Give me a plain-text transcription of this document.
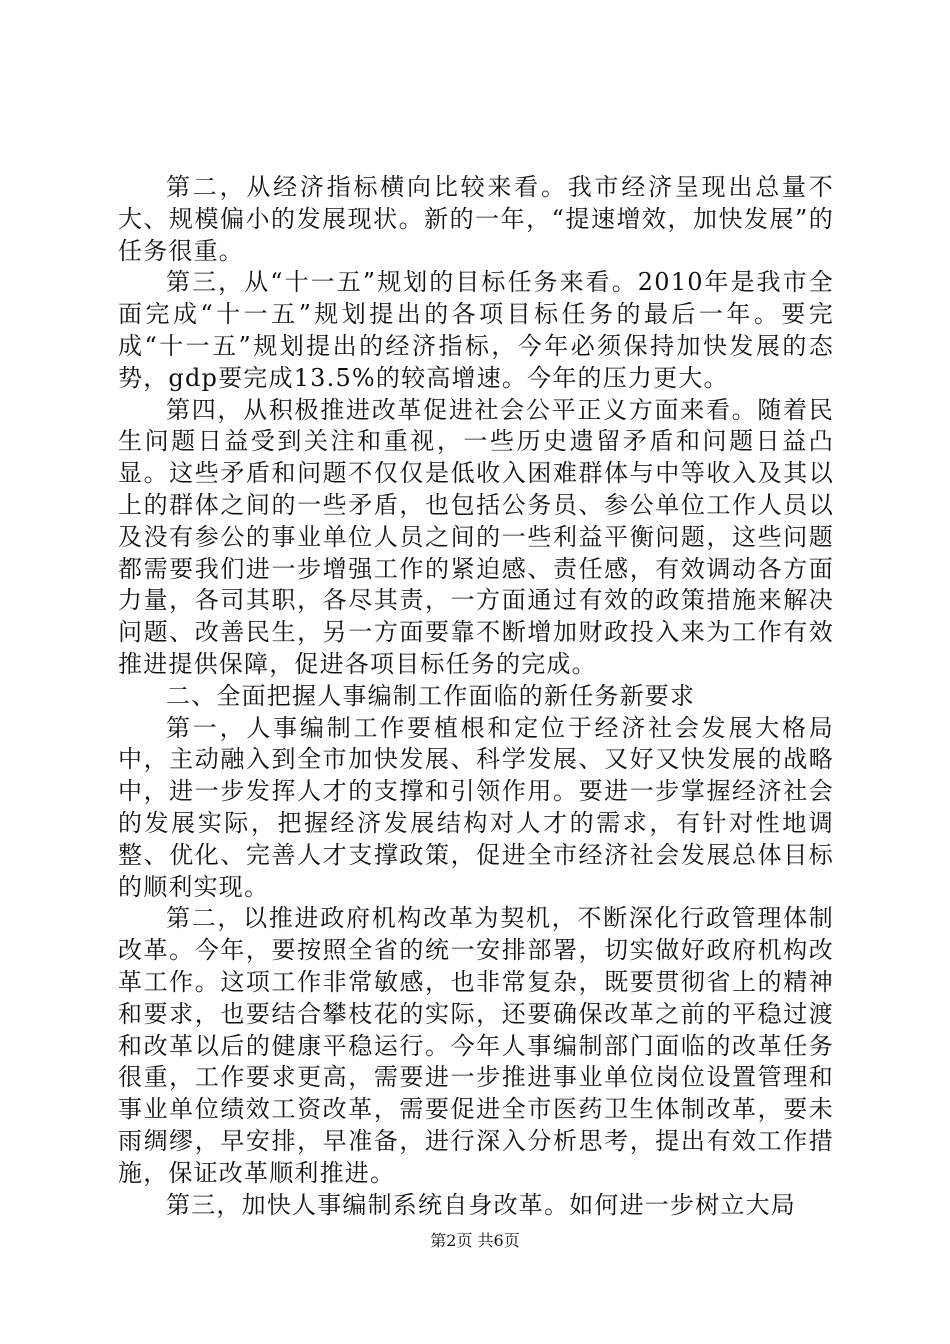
第二，从经济指标横向比较来看。我市经济呈现出总量不大、规模偏小的发展现状。新的一年，“提速增效，加快发展”的任务很重。

第三，从“十一五”规划的目标任务来看。2010年是我市全面完成“十一五”规划提出的各项目标任务的最后一年。要完成“十一五”规划提出的经济指标，今年必须保持加快发展的态势，gdp要完成13.5%的较高增速。今年的压力更大。

第四，从积极推进改革促进社会公平正义方面来看。随着民生问题日益受到关注和重视，一些历史遗留矛盾和问题日益凸显。这些矛盾和问题不仅仅是低收入困难群体与中等收入及其以上的群体之间的一些矛盾，也包括公务员、参公单位工作人员以及没有参公的事业单位人员之间的一些利益平衡问题，这些问题都需要我们进一步增强工作的紧迫感、责任感，有效调动各方面力量，各司其职，各尽其责，一方面通过有效的政策措施来解决问题、改善民生，另一方面要靠不断增加财政投入来为工作有效推进提供保障，促进各项目标任务的完成。

二、全面把握人事编制工作面临的新任务新要求

第一，人事编制工作要植根和定位于经济社会发展大格局中，主动融入到全市加快发展、科学发展、又好又快发展的战略中，进一步发挥人才的支撑和引领作用。要进一步掌握经济社会的发展实际，把握经济发展结构对人才的需求，有针对性地调整、优化、完善人才支撑政策，促进全市经济社会发展总体目标的顺利实现。

第二，以推进政府机构改革为契机，不断深化行政管理体制改革。今年，要按照全省的统一安排部署，切实做好政府机构改革工作。这项工作非常敏感，也非常复杂，既要贯彻省上的精神和要求，也要结合攀枝花的实际，还要确保改革之前的平稳过渡和改革以后的健康平稳运行。今年人事编制部门面临的改革任务很重，工作要求更高，需要进一步推进事业单位岗位设置管理和事业单位绩效工资改革，需要促进全市医药卫生体制改革，要未雨绸缪，早安排，早准备，进行深入分析思考，提出有效工作措施，保证改革顺利推进。

第三，加快人事编制系统自身改革。如何进一步树立大局

第2页 共6页
